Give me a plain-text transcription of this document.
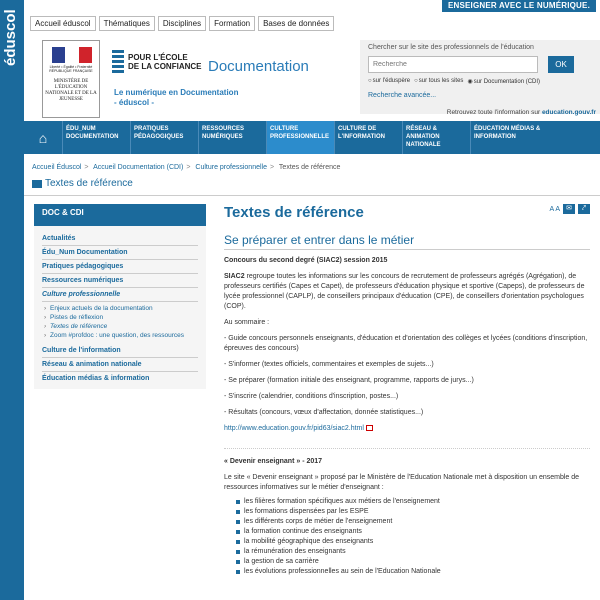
éduscol
ENSEIGNER AVEC LE NUMÉRIQUE.
Accueil éduscol	Thématiques	Disciplines	Formation	Bases de données
Liberté • Égalité • Fraternité RÉPUBLIQUE FRANÇAISE
MINISTÈRE DE L'ÉDUCATION NATIONALE ET DE LA JEUNESSE
POUR L'ÉCOLE
DE LA CONFIANCE Documentation
Le numérique en Documentation
- éduscol -
Chercher sur le site des professionnels de l'éducation
Recherche
OK
○ sur l'éduspère	○ sur tous les sites	◉ sur Documentation (CDI)
Recherche avancée...
Retrouvez toute l'information sur education.gouv.fr
⌂
ÉDU_NUM DOCUMENTATION
PRATIQUES PÉDAGOGIQUES
RESSOURCES NUMÉRIQUES
CULTURE PROFESSIONNELLE
CULTURE DE L'INFORMATION
RÉSEAU & ANIMATION NATIONALE
ÉDUCATION MÉDIAS & INFORMATION
Accueil Éduscol > Accueil Documentation (CDI) > Culture professionnelle > Textes de référence
Textes de référence
DOC & CDI
Actualités
Édu_Num Documentation
Pratiques pédagogiques
Ressources numériques
Culture professionnelle
› Enjeux actuels de la documentation
› Pistes de réflexion
› Textes de référence
› Zoom #profdoc : une question, des ressources
Culture de l'information
Réseau & animation nationale
Éducation médias & information
Textes de référence	A A ✉	⤤
Se préparer et entrer dans le métier
Concours du second degré (SIAC2) session 2015
SIAC2 regroupe toutes les informations sur les concours de recrutement de professeurs agrégés (Agrégation), de professeurs certifiés (Capes et Capet), de professeurs d'éducation physique et sportive (Capeps), de professeurs de lycée professionnel (CAPLP), de conseillers principaux d'éducation (CPE), de conseillers d'orientation psychologues (COP).
Au sommaire :
- Guide concours personnels enseignants, d'éducation et d'orientation des collèges et lycées (conditions d'inscription, épreuves des concours)
- S'informer (textes officiels, commentaires et exemples de sujets...)
- Se préparer (formation initiale des enseignant, programme, rapports de jurys...)
- S'inscrire (calendrier, conditions d'inscription, postes...)
- Résultats (concours, vœux d'affectation, donnée statistiques...)
http://www.education.gouv.fr/pid63/siac2.html
« Devenir enseignant » - 2017
Le site « Devenir enseignant » proposé par le Ministère de l'Education Nationale met à disposition un ensemble de ressources informatives sur le métier d'enseignant :
les filières formation spécifiques aux métiers de l'enseignement
les formations dispensées par les ESPE
les différents corps de métier de l'enseignement
la formation continue des enseignants
la mobilité géographique des enseignants
la rémunération des enseignants
la gestion de sa carrière
les évolutions professionnelles au sein de l'Education Nationale
